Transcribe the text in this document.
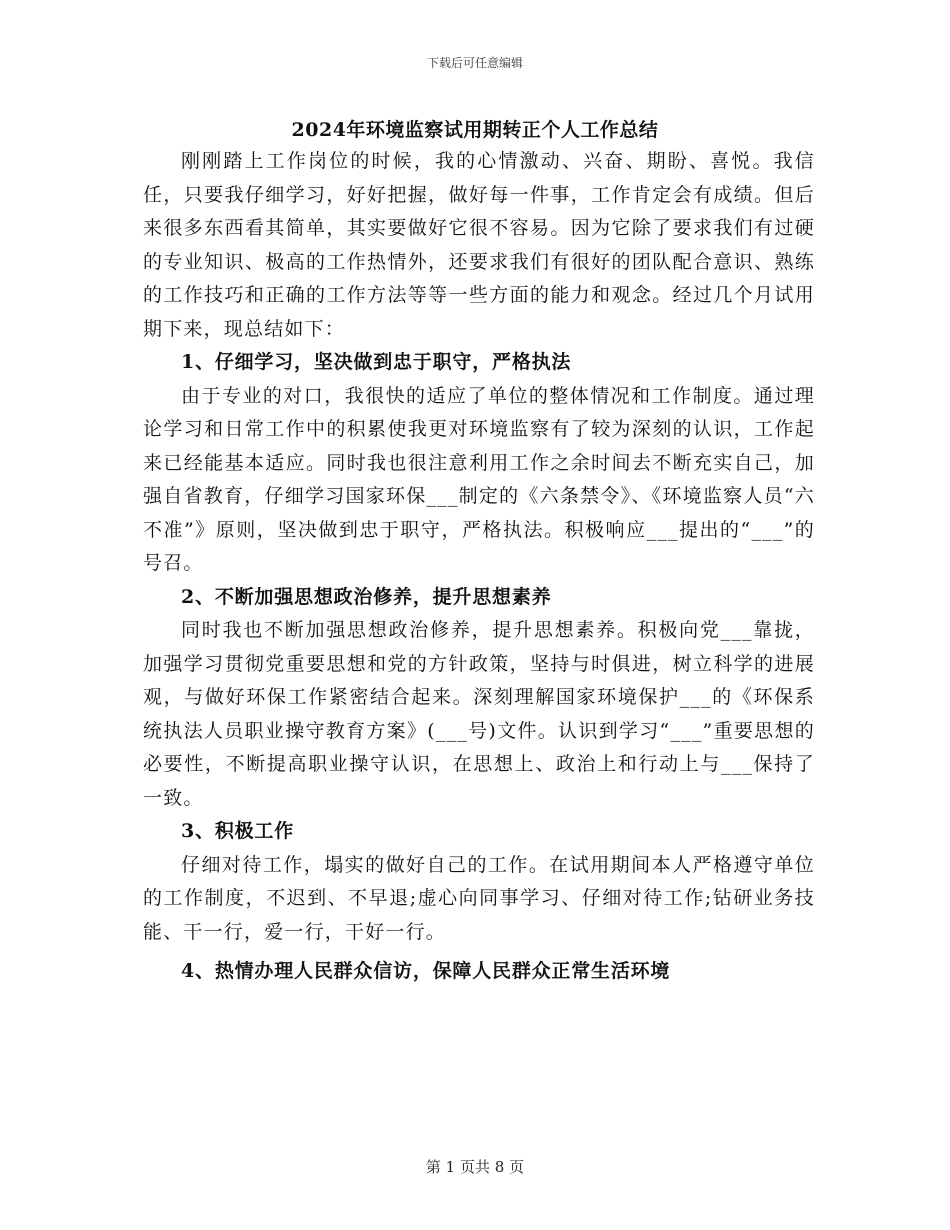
下载后可任意编辑
2024年环境监察试用期转正个人工作总结

刚刚踏上工作岗位的时候，我的心情激动、兴奋、期盼、喜悦。我信任，只要我仔细学习，好好把握，做好每一件事，工作肯定会有成绩。但后来很多东西看其简单，其实要做好它很不容易。因为它除了要求我们有过硬的专业知识、极高的工作热情外，还要求我们有很好的团队配合意识、熟练的工作技巧和正确的工作方法等等一些方面的能力和观念。经过几个月试用期下来，现总结如下：

1、仔细学习，坚决做到忠于职守，严格执法

由于专业的对口，我很快的适应了单位的整体情况和工作制度。通过理论学习和日常工作中的积累使我更对环境监察有了较为深刻的认识，工作起来已经能基本适应。同时我也很注意利用工作之余时间去不断充实自己，加强自省教育，仔细学习国家环保___制定的《六条禁令》、《环境监察人员“六不准”》原则，坚决做到忠于职守，严格执法。积极响应___提出的“___”的号召。

2、不断加强思想政治修养，提升思想素养

同时我也不断加强思想政治修养，提升思想素养。积极向党___靠拢，加强学习贯彻党重要思想和党的方针政策，坚持与时俱进，树立科学的进展观，与做好环保工作紧密结合起来。深刻理解国家环境保护___的《环保系统执法人员职业操守教育方案》(___号)文件。认识到学习“___”重要思想的必要性，不断提高职业操守认识，在思想上、政治上和行动上与___保持了一致。

3、积极工作

仔细对待工作，塌实的做好自己的工作。在试用期间本人严格遵守单位的工作制度，不迟到、不早退;虚心向同事学习、仔细对待工作;钻研业务技能、干一行，爱一行，干好一行。

4、热情办理人民群众信访，保障人民群众正常生活环境

第 1 页共 8 页
